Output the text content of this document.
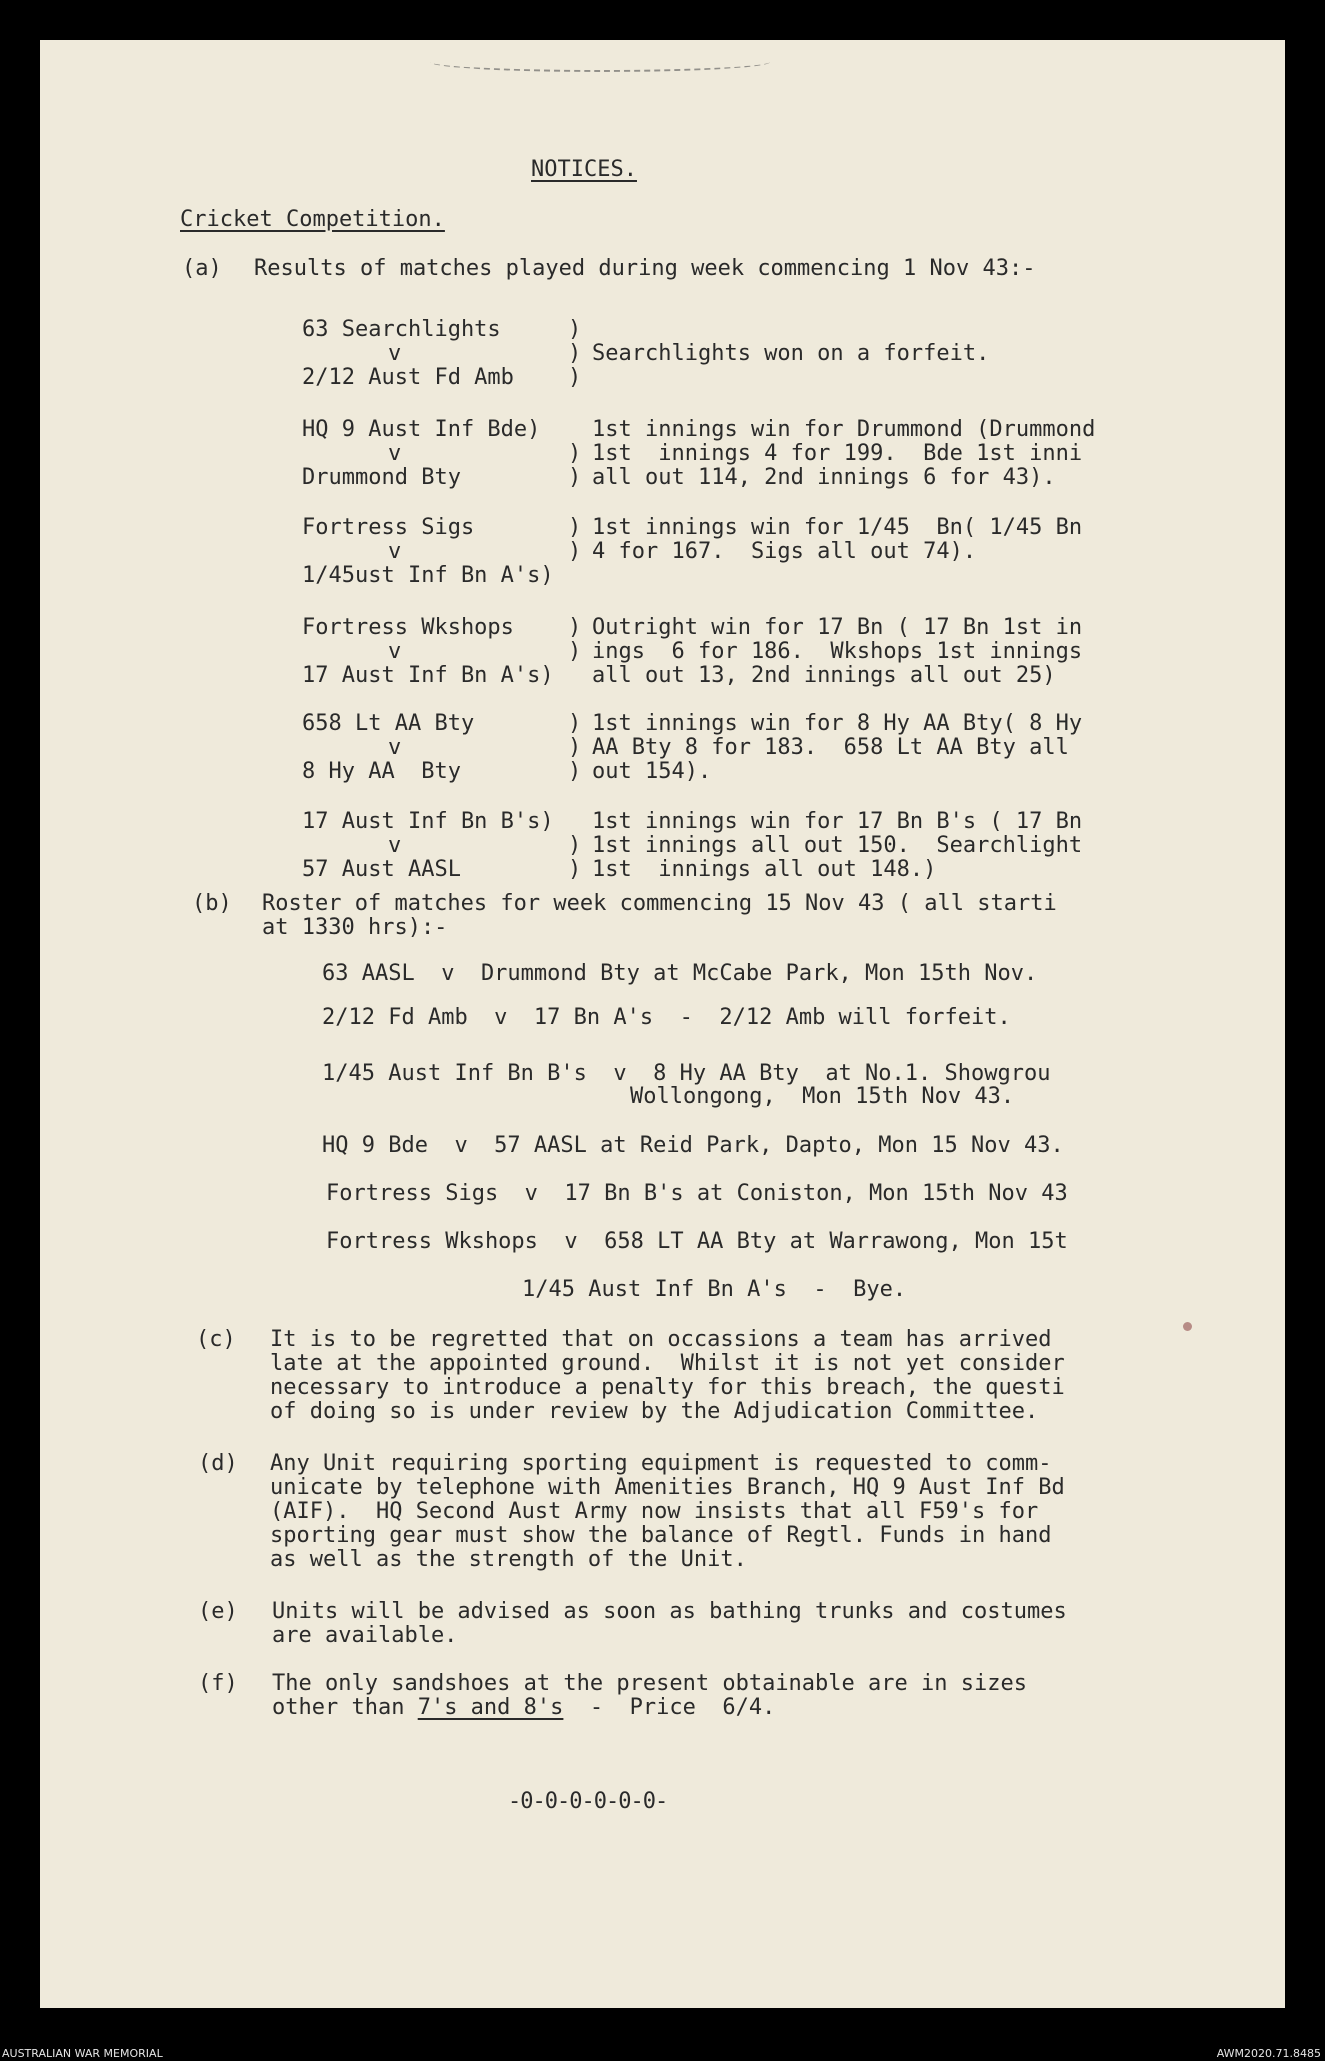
NOTICES.
Cricket Competition.
(a) Results of matches played during week commencing 1 Nov 43:-
63 Searchlights	)
v	) Searchlights won on a forfeit.
2/12 Aust Fd Amb )
HQ 9 Aust Inf Bde) 1st innings win for Drummond (Drummond
v	) 1st  innings 4 for 199.  Bde 1st inni
Drummond Bty	) all out 114, 2nd innings 6 for 43).
Fortress Sigs	) 1st innings win for 1/45  Bn( 1/45 Bn
v	) 4 for 167.  Sigs all out 74).
1/45ust Inf Bn A's)
Fortress Wkshops ) Outright win for 17 Bn ( 17 Bn 1st in
v	) ings  6 for 186.  Wkshops 1st innings
17 Aust Inf Bn A's) all out 13, 2nd innings all out 25)
658 Lt AA Bty	) 1st innings win for 8 Hy AA Bty( 8 Hy
v	) AA Bty 8 for 183.  658 Lt AA Bty all
8 Hy AA  Bty	) out 154).
17 Aust Inf Bn B's) 1st innings win for 17 Bn B's ( 17 Bn
v	) 1st innings all out 150.  Searchlight
57 Aust AASL	) 1st  innings all out 148.)
(b) Roster of matches for week commencing 15 Nov 43 ( all starti
at 1330 hrs):-
63 AASL  v  Drummond Bty at McCabe Park, Mon 15th Nov.
2/12 Fd Amb  v  17 Bn A's  -  2/12 Amb will forfeit.
1/45 Aust Inf Bn B's  v  8 Hy AA Bty  at No.1. Showgrou
Wollongong,  Mon 15th Nov 43.
HQ 9 Bde  v  57 AASL at Reid Park, Dapto, Mon 15 Nov 43.
Fortress Sigs  v  17 Bn B's at Coniston, Mon 15th Nov 43
Fortress Wkshops  v  658 LT AA Bty at Warrawong, Mon 15t
1/45 Aust Inf Bn A's  -  Bye.
(c) It is to be regretted that on occassions a team has arrived
late at the appointed ground.  Whilst it is not yet consider
necessary to introduce a penalty for this breach, the questi
of doing so is under review by the Adjudication Committee.
(d) Any Unit requiring sporting equipment is requested to comm-
unicate by telephone with Amenities Branch, HQ 9 Aust Inf Bd
(AIF).  HQ Second Aust Army now insists that all F59's for
sporting gear must show the balance of Regtl. Funds in hand
as well as the strength of the Unit.
(e) Units will be advised as soon as bathing trunks and costumes
are available.
(f) The only sandshoes at the present obtainable are in sizes
other than 7's and 8's  -  Price  6/4.
-0-0-0-0-0-0-
AUSTRALIAN WAR MEMORIAL	AWM2020.71.8485
